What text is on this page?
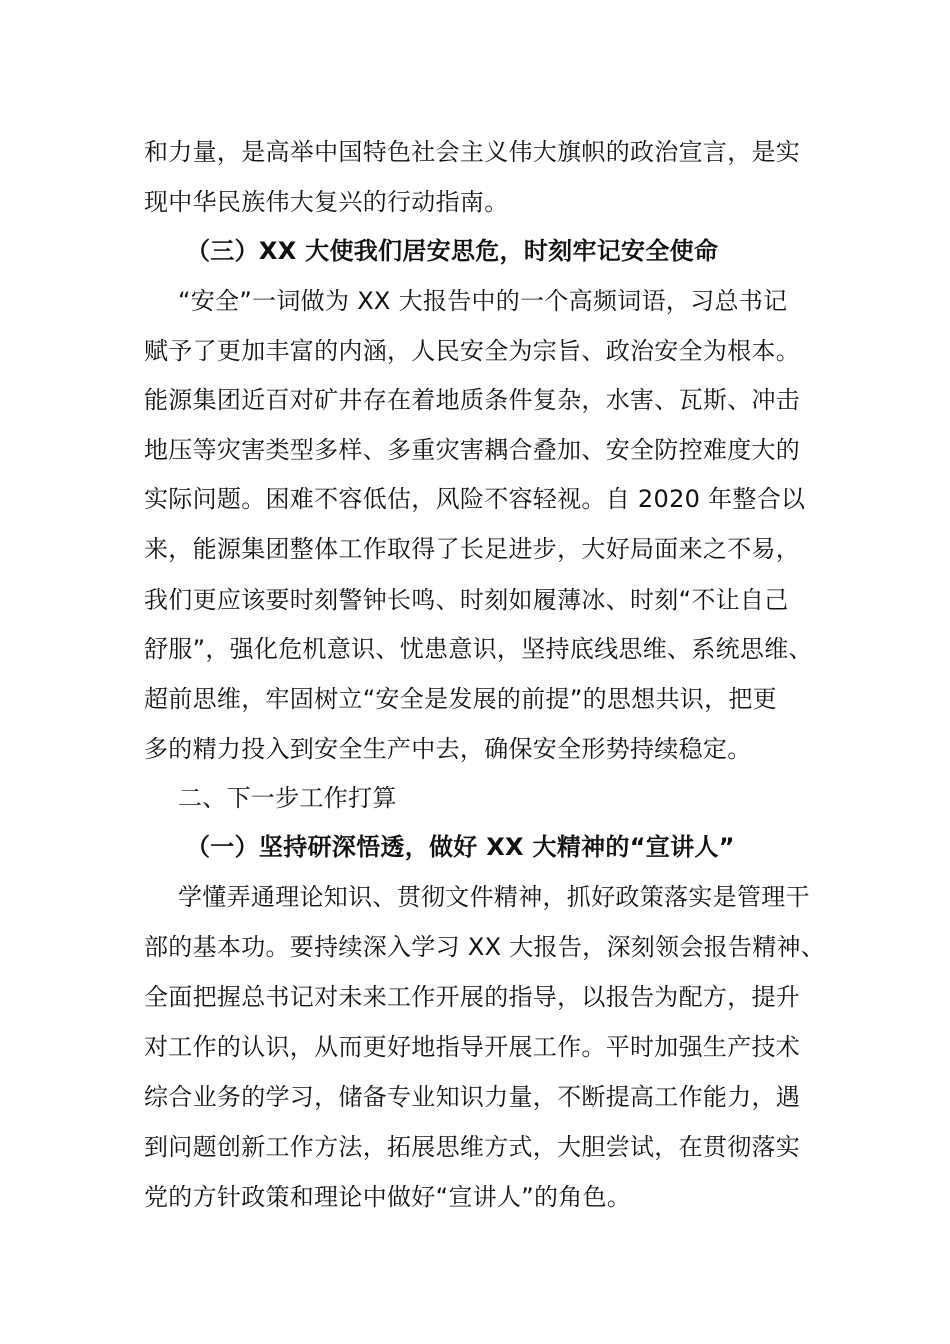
和力量，是高举中国特色社会主义伟大旗帜的政治宣言，是实
现中华民族伟大复兴的行动指南。
（三）XX 大使我们居安思危，时刻牢记安全使命
“安全”一词做为 XX 大报告中的一个高频词语，习总书记
赋予了更加丰富的内涵，人民安全为宗旨、政治安全为根本。
能源集团近百对矿井存在着地质条件复杂，水害、瓦斯、冲击
地压等灾害类型多样、多重灾害耦合叠加、安全防控难度大的
实际问题。困难不容低估，风险不容轻视。自 2020 年整合以
来，能源集团整体工作取得了长足进步，大好局面来之不易，
我们更应该要时刻警钟长鸣、时刻如履薄冰、时刻“不让自己
舒服”，强化危机意识、忧患意识，坚持底线思维、系统思维、
超前思维，牢固树立“安全是发展的前提”的思想共识，把更
多的精力投入到安全生产中去，确保安全形势持续稳定。
二、下一步工作打算
（一）坚持研深悟透，做好 XX 大精神的“宣讲人”
学懂弄通理论知识、贯彻文件精神，抓好政策落实是管理干
部的基本功。要持续深入学习 XX 大报告，深刻领会报告精神、
全面把握总书记对未来工作开展的指导，以报告为配方，提升
对工作的认识，从而更好地指导开展工作。平时加强生产技术
综合业务的学习，储备专业知识力量，不断提高工作能力，遇
到问题创新工作方法，拓展思维方式，大胆尝试，在贯彻落实
党的方针政策和理论中做好“宣讲人”的角色。
